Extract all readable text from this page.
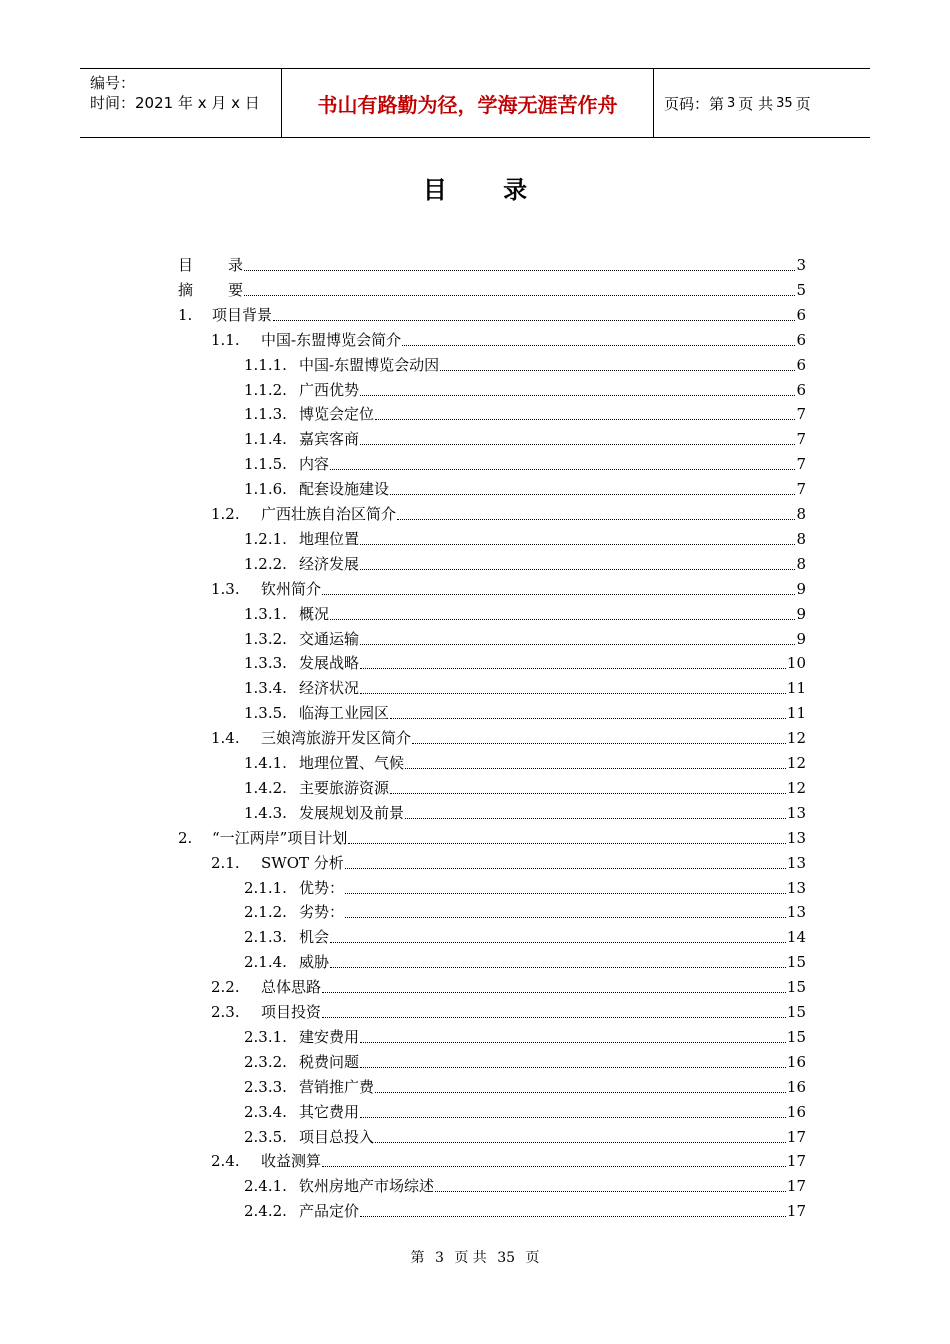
编号：
时间：2021 年 x 月 x 日	书山有路勤为径，学海无涯苦作舟	页码：第 3 页 共 35 页
目 录
目	录	3
摘	要	5
1.	项目背景	6
1.1.	中国-东盟博览会简介	6
1.1.1. 中国-东盟博览会动因	6
1.1.2. 广西优势	6
1.1.3. 博览会定位	7
1.1.4. 嘉宾客商	7
1.1.5. 内容	7
1.1.6. 配套设施建设	7
1.2.	广西壮族自治区简介	8
1.2.1. 地理位置	8
1.2.2. 经济发展	8
1.3.	钦州简介	9
1.3.1. 概况	9
1.3.2. 交通运输	9
1.3.3. 发展战略	10
1.3.4. 经济状况	11
1.3.5. 临海工业园区	11
1.4.	三娘湾旅游开发区简介	12
1.4.1. 地理位置、气候	12
1.4.2. 主要旅游资源	12
1.4.3. 发展规划及前景	13
2.	“一江两岸”项目计划	13
2.1.	SWOT 分析	13
2.1.1. 优势：	13
2.1.2. 劣势：	13
2.1.3. 机会	14
2.1.4. 威胁	15
2.2.	总体思路	15
2.3.	项目投资	15
2.3.1. 建安费用	15
2.3.2. 税费问题	16
2.3.3. 营销推广费	16
2.3.4. 其它费用	16
2.3.5. 项目总投入	17
2.4.	收益测算	17
2.4.1. 钦州房地产市场综述	17
2.4.2. 产品定价	17
第 3 页 共 35 页
